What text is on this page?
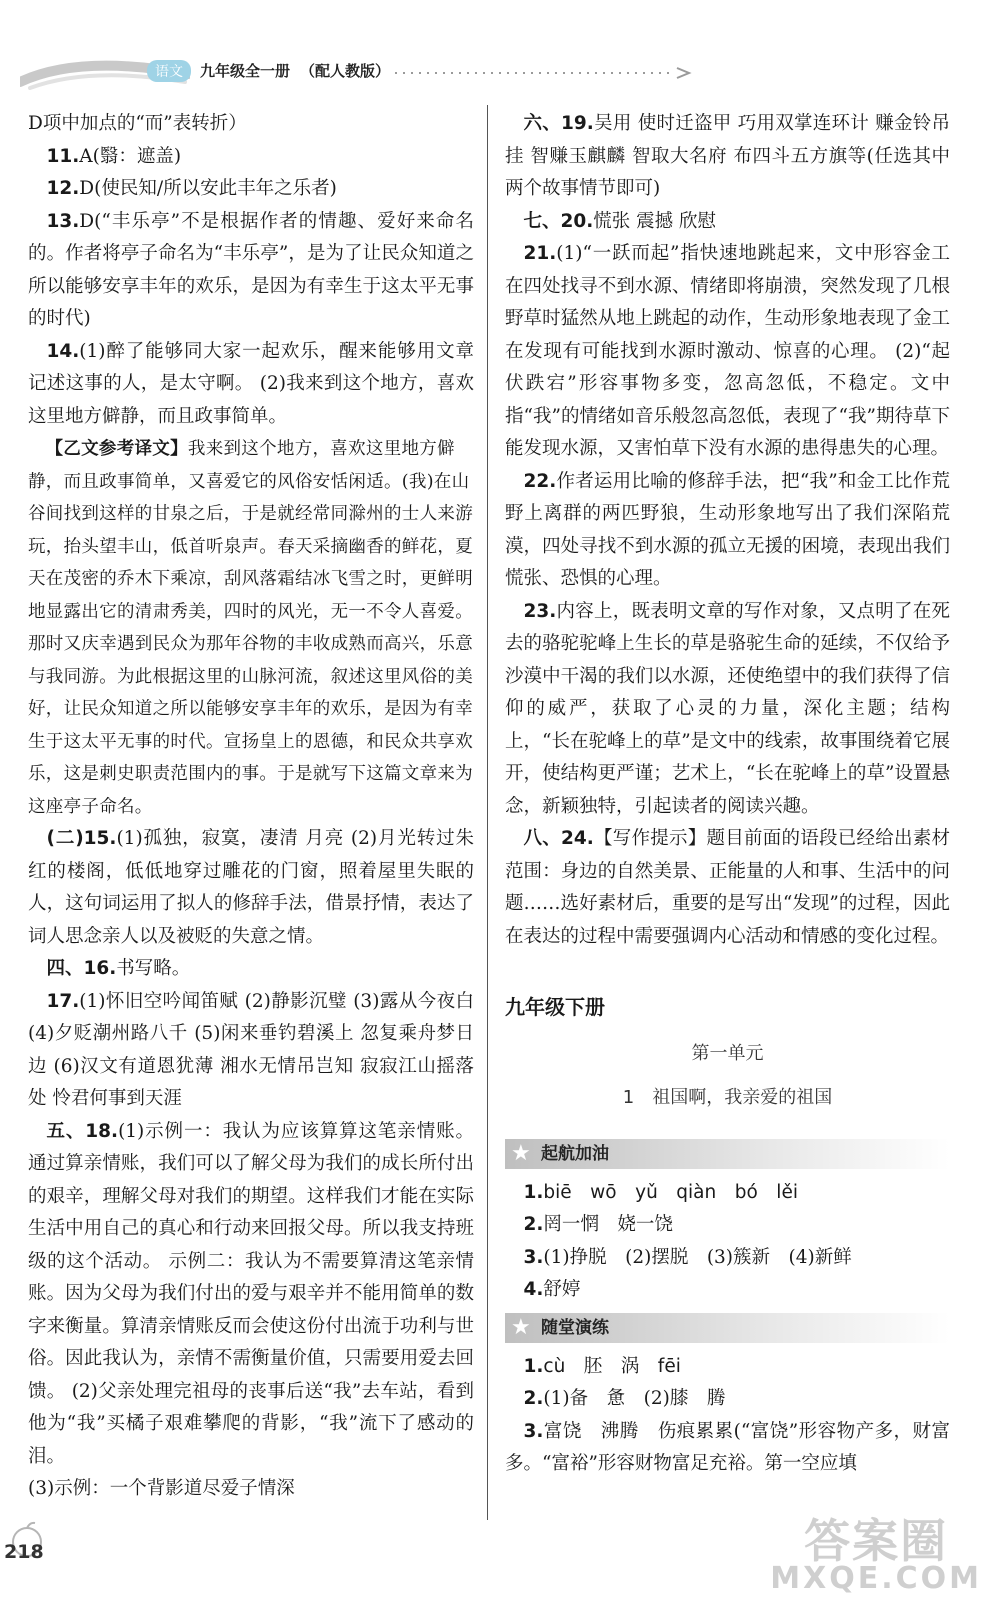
语文	九年级全一册 （配人教版）

D项中加点的“而”表转折）

11.A(翳：遮盖)

12.D(使民知/所以安此丰年之乐者)

13.D(“丰乐亭”不是根据作者的情趣、爱好来命名的。作者将亭子命名为“丰乐亭”，是为了让民众知道之所以能够安享丰年的欢乐，是因为有幸生于这太平无事的时代)

14.(1)醉了能够同大家一起欢乐，醒来能够用文章记述这事的人，是太守啊。 (2)我来到这个地方，喜欢这里地方僻静，而且政事简单。

【乙文参考译文】我来到这个地方，喜欢这里地方僻静，而且政事简单，又喜爱它的风俗安恬闲适。(我)在山谷间找到这样的甘泉之后，于是就经常同滁州的士人来游玩，抬头望丰山，低首听泉声。春天采摘幽香的鲜花，夏天在茂密的乔木下乘凉，刮风落霜结冰飞雪之时，更鲜明地显露出它的清肃秀美，四时的风光，无一不令人喜爱。那时又庆幸遇到民众为那年谷物的丰收成熟而高兴，乐意与我同游。为此根据这里的山脉河流，叙述这里风俗的美好，让民众知道之所以能够安享丰年的欢乐，是因为有幸生于这太平无事的时代。宣扬皇上的恩德，和民众共享欢乐，这是刺史职责范围内的事。于是就写下这篇文章来为这座亭子命名。

(二)15.(1)孤独，寂寞，凄清 月亮 (2)月光转过朱红的楼阁，低低地穿过雕花的门窗，照着屋里失眠的人，这句词运用了拟人的修辞手法，借景抒情，表达了词人思念亲人以及被贬的失意之情。

四、16.书写略。

17.(1)怀旧空吟闻笛赋 (2)静影沉璧 (3)露从今夜白 (4)夕贬潮州路八千 (5)闲来垂钓碧溪上 忽复乘舟梦日边 (6)汉文有道恩犹薄 湘水无情吊岂知 寂寂江山摇落处 怜君何事到天涯

五、18.(1)示例一：我认为应该算算这笔亲情账。通过算亲情账，我们可以了解父母为我们的成长所付出的艰辛，理解父母对我们的期望。这样我们才能在实际生活中用自己的真心和行动来回报父母。所以我支持班级的这个活动。 示例二：我认为不需要算清这笔亲情账。因为父母为我们付出的爱与艰辛并不能用简单的数字来衡量。算清亲情账反而会使这份付出流于功利与世俗。因此我认为，亲情不需衡量价值，只需要用爱去回馈。 (2)父亲处理完祖母的丧事后送“我”去车站，看到他为“我”买橘子艰难攀爬的背影，“我”流下了感动的泪。

(3)示例：一个背影道尽爱子情深

六、19.吴用 使时迁盗甲 巧用双掌连环计 赚金铃吊挂 智赚玉麒麟 智取大名府 布四斗五方旗等(任选其中两个故事情节即可)

七、20.慌张 震撼 欣慰

21.(1)“一跃而起”指快速地跳起来，文中形容金工在四处找寻不到水源、情绪即将崩溃，突然发现了几根野草时猛然从地上跳起的动作，生动形象地表现了金工在发现有可能找到水源时激动、惊喜的心理。 (2)“起伏跌宕”形容事物多变，忽高忽低，不稳定。文中指“我”的情绪如音乐般忽高忽低，表现了“我”期待草下能发现水源，又害怕草下没有水源的患得患失的心理。

22.作者运用比喻的修辞手法，把“我”和金工比作荒野上离群的两匹野狼，生动形象地写出了我们深陷荒漠，四处寻找不到水源的孤立无援的困境，表现出我们慌张、恐惧的心理。

23.内容上，既表明文章的写作对象，又点明了在死去的骆驼驼峰上生长的草是骆驼生命的延续，不仅给予沙漠中干渴的我们以水源，还使绝望中的我们获得了信仰的威严，获取了心灵的力量，深化主题；结构上，“长在驼峰上的草”是文中的线索，故事围绕着它展开，使结构更严谨；艺术上，“长在驼峰上的草”设置悬念，新颖独特，引起读者的阅读兴趣。

八、24.【写作提示】题目前面的语段已经给出素材范围：身边的自然美景、正能量的人和事、生活中的问题……选好素材后，重要的是写出“发现”的过程，因此在表达的过程中需要强调内心活动和情感的变化过程。

九年级下册
第一单元
1　祖国啊，我亲爱的祖国
★ 起航加油

1.biē　wō　yǔ　qiàn　bó　lěi

2.罔一惘　娆一饶

3.(1)挣脱　(2)摆脱　(3)簇新　(4)新鲜

4.舒婷

★ 随堂演练

1.cù　胚　涡　fēi

2.(1)备　惫　(2)膝　腾

3.富饶　沸腾　伤痕累累(“富饶”形容物产多，财富多。“富裕”形容财物富足充裕。第一空应填

218	答案圈
MXQE.COM
